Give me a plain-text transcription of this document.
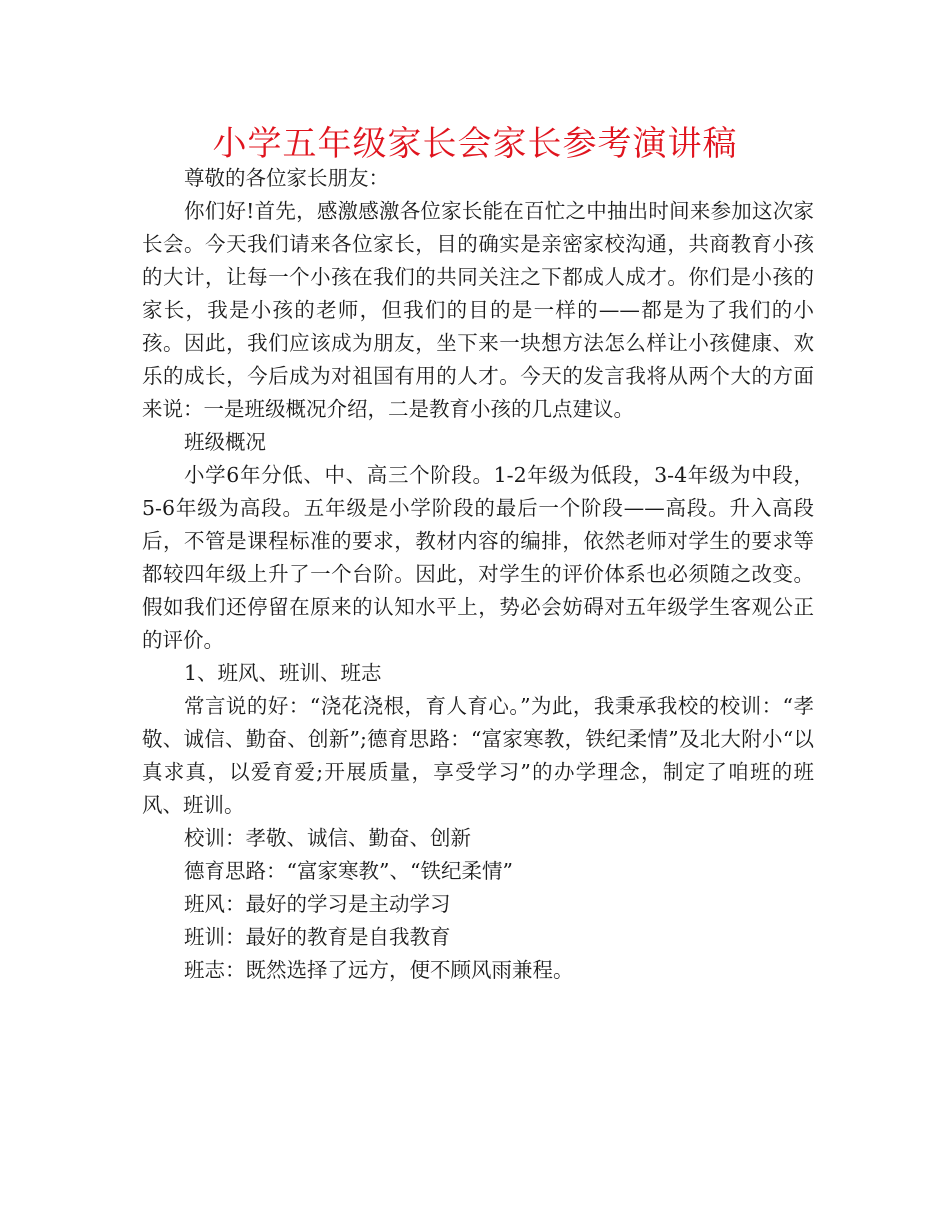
小学五年级家长会家长参考演讲稿

尊敬的各位家长朋友：

你们好!首先，感激感激各位家长能在百忙之中抽出时间来参加这次家长会。今天我们请来各位家长，目的确实是亲密家校沟通，共商教育小孩的大计，让每一个小孩在我们的共同关注之下都成人成才。你们是小孩的家长，我是小孩的老师，但我们的目的是一样的——都是为了我们的小孩。因此，我们应该成为朋友，坐下来一块想方法怎么样让小孩健康、欢乐的成长，今后成为对祖国有用的人才。今天的发言我将从两个大的方面来说：一是班级概况介绍，二是教育小孩的几点建议。

班级概况

小学6年分低、中、高三个阶段。1-2年级为低段，3-4年级为中段，5-6年级为高段。五年级是小学阶段的最后一个阶段——高段。升入高段后，不管是课程标准的要求，教材内容的编排，依然老师对学生的要求等都较四年级上升了一个台阶。因此，对学生的评价体系也必须随之改变。假如我们还停留在原来的认知水平上，势必会妨碍对五年级学生客观公正的评价。

1、班风、班训、班志

常言说的好：“浇花浇根，育人育心。”为此，我秉承我校的校训：“孝敬、诚信、勤奋、创新”;德育思路：“富家寒教，铁纪柔情”及北大附小“以真求真，以爱育爱;开展质量，享受学习”的办学理念，制定了咱班的班风、班训。

校训：孝敬、诚信、勤奋、创新

德育思路：“富家寒教”、“铁纪柔情”

班风：最好的学习是主动学习

班训：最好的教育是自我教育

班志：既然选择了远方，便不顾风雨兼程。
